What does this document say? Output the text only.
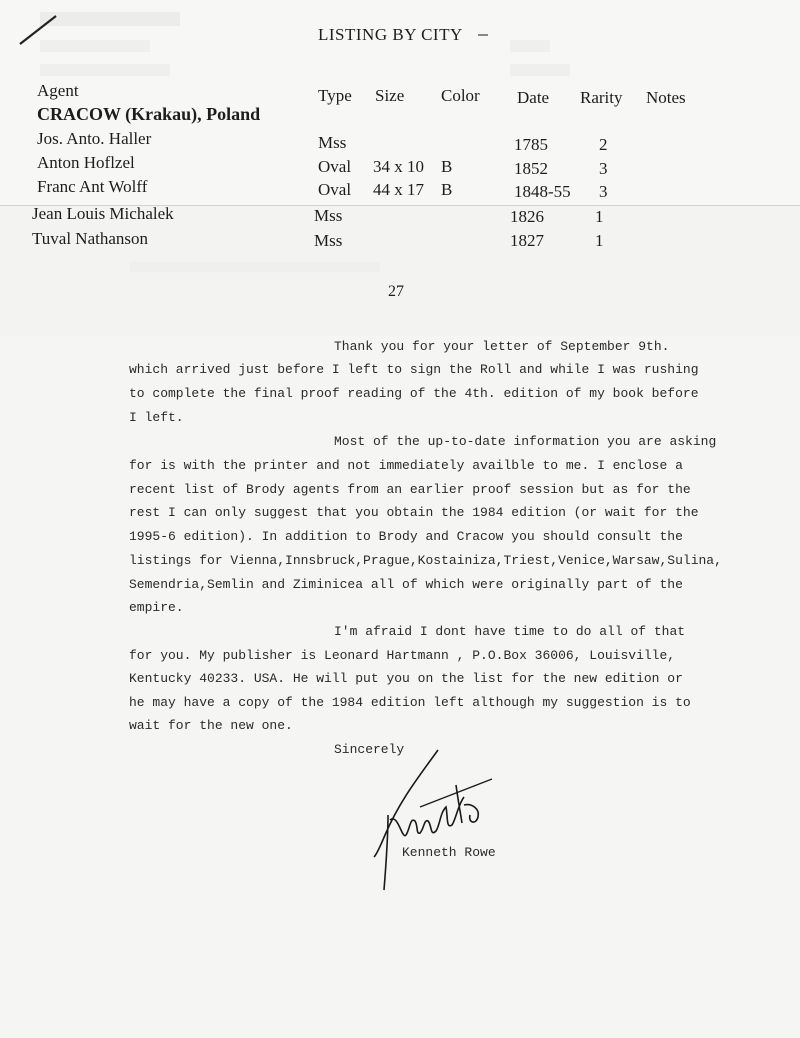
LISTING BY CITY
Agent	Type Size Color Date Rarity Notes
CRACOW (Krakau), Poland
Jos. Anto. Haller	Mss	1785	2
Anton Hoflzel	Oval 34 x 10 B	1852	3
Franc Ant Wolff	Oval 44 x 17 B	1848-55 3
Jean Louis Michalek	Mss	1826	1
Tuval Nathanson	Mss	1827	1
27
Thank you for your letter of September 9th.
which arrived just before I left to sign the Roll and while I was rushing
to complete the final proof reading of the 4th. edition of my book before
I left.
Most of the up-to-date information you are asking
for is with the printer and not immediately availble to me. I enclose a
recent list of Brody agents from an earlier proof session but as for the
rest I can only suggest that you obtain the 1984 edition (or wait for the
1995-6 edition). In addition to Brody and Cracow you should consult the
listings for Vienna,Innsbruck,Prague,Kostainiza,Triest,Venice,Warsaw,Sulina,
Semendria,Semlin and Ziminicea all of which were originally part of the
empire.
I'm afraid I dont have time to do all of that
for you. My publisher is Leonard Hartmann , P.O.Box 36006, Louisville,
Kentucky 40233. USA. He will put you on the list for the new edition or
he may have a copy of the 1984 edition left although my suggestion is to
wait for the new one.
Sincerely
Kenneth Rowe
